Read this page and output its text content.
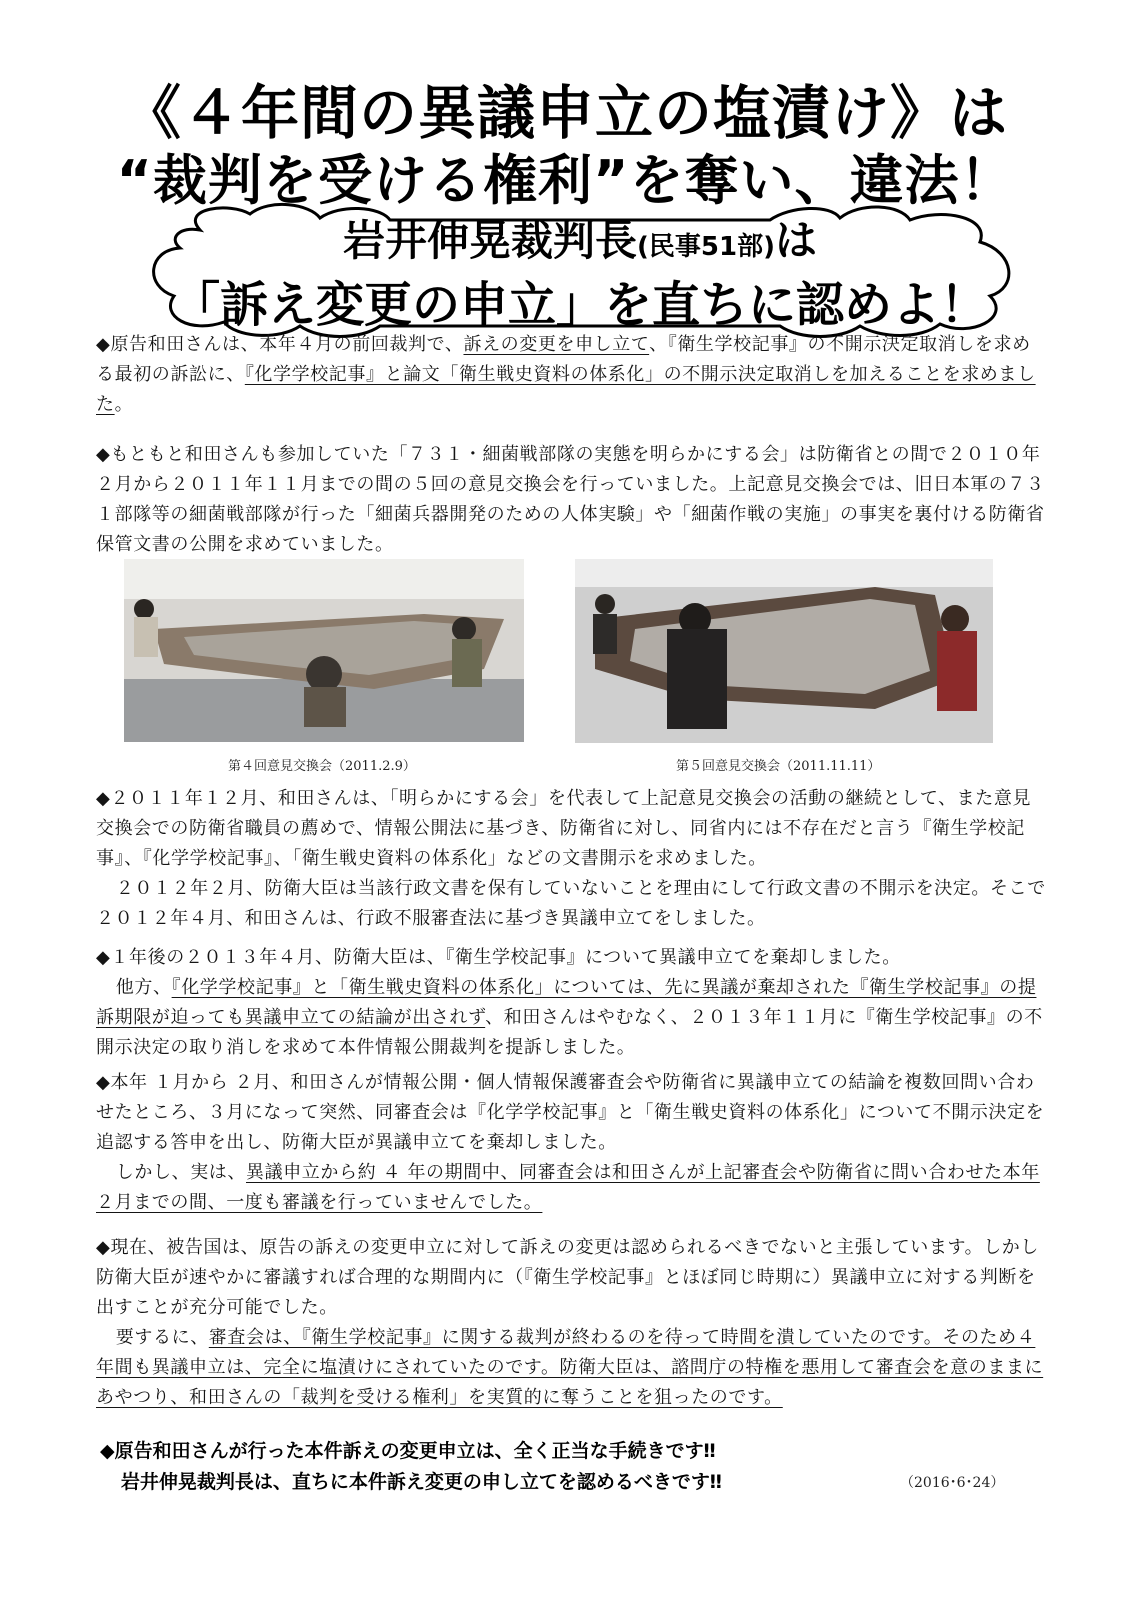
《４年間の異議申立の塩漬け》は
“裁判を受ける権利”を奪い、違法！
岩井伸晃裁判長(民事51部)は
「訴え変更の申立」を直ちに認めよ！

◆原告和田さんは、本年４月の前回裁判で、訴えの変更を申し立て、『衛生学校記事』の不開示決定取消しを求める最初の訴訟に、『化学学校記事』と論文「衛生戦史資料の体系化」の不開示決定取消しを加えることを求めました。

◆もともと和田さんも参加していた「７３１・細菌戦部隊の実態を明らかにする会」は防衛省との間で２０１０年２月から２０１１年１１月までの間の５回の意見交換会を行っていました。上記意見交換会では、旧日本軍の７３１部隊等の細菌戦部隊が行った「細菌兵器開発のための人体実験」や「細菌作戦の実施」の事実を裏付ける防衛省保管文書の公開を求めていました。

第４回意見交換会（2011.2.9）	第５回意見交換会（2011.11.11）

◆２０１１年１２月、和田さんは、「明らかにする会」を代表して上記意見交換会の活動の継続として、また意見交換会での防衛省職員の薦めで、情報公開法に基づき、防衛省に対し、同省内には不存在だと言う『衛生学校記事』、『化学学校記事』、「衛生戦史資料の体系化」などの文書開示を求めました。

２０１２年２月、防衛大臣は当該行政文書を保有していないことを理由にして行政文書の不開示を決定。そこで２０１２年４月、和田さんは、行政不服審査法に基づき異議申立てをしました。

◆１年後の２０１３年４月、防衛大臣は、『衛生学校記事』について異議申立てを棄却しました。

他方、『化学学校記事』と「衛生戦史資料の体系化」については、先に異議が棄却された『衛生学校記事』の提訴期限が迫っても異議申立ての結論が出されず、和田さんはやむなく、２０１３年１１月に『衛生学校記事』の不開示決定の取り消しを求めて本件情報公開裁判を提訴しました。

◆本年 １月から ２月、和田さんが情報公開・個人情報保護審査会や防衛省に異議申立ての結論を複数回問い合わせたところ、３月になって突然、同審査会は『化学学校記事』と「衛生戦史資料の体系化」について不開示決定を追認する答申を出し、防衛大臣が異議申立てを棄却しました。

しかし、実は、異議申立から約 ４ 年の期間中、同審査会は和田さんが上記審査会や防衛省に問い合わせた本年２月までの間、一度も審議を行っていませんでした。

◆現在、被告国は、原告の訴えの変更申立に対して訴えの変更は認められるべきでないと主張しています。しかし防衛大臣が速やかに審議すれば合理的な期間内に（『衛生学校記事』とほぼ同じ時期に）異議申立に対する判断を出すことが充分可能でした。

要するに、審査会は、『衛生学校記事』に関する裁判が終わるのを待って時間を潰していたのです。そのため４年間も異議申立は、完全に塩漬けにされていたのです。防衛大臣は、諮問庁の特権を悪用して審査会を意のままにあやつり、和田さんの「裁判を受ける権利」を実質的に奪うことを狙ったのです。

◆原告和田さんが行った本件訴えの変更申立は、全く正当な手続きです‼

岩井伸晃裁判長は、直ちに本件訴え変更の申し立てを認めるべきです‼	（2016･6･24）
